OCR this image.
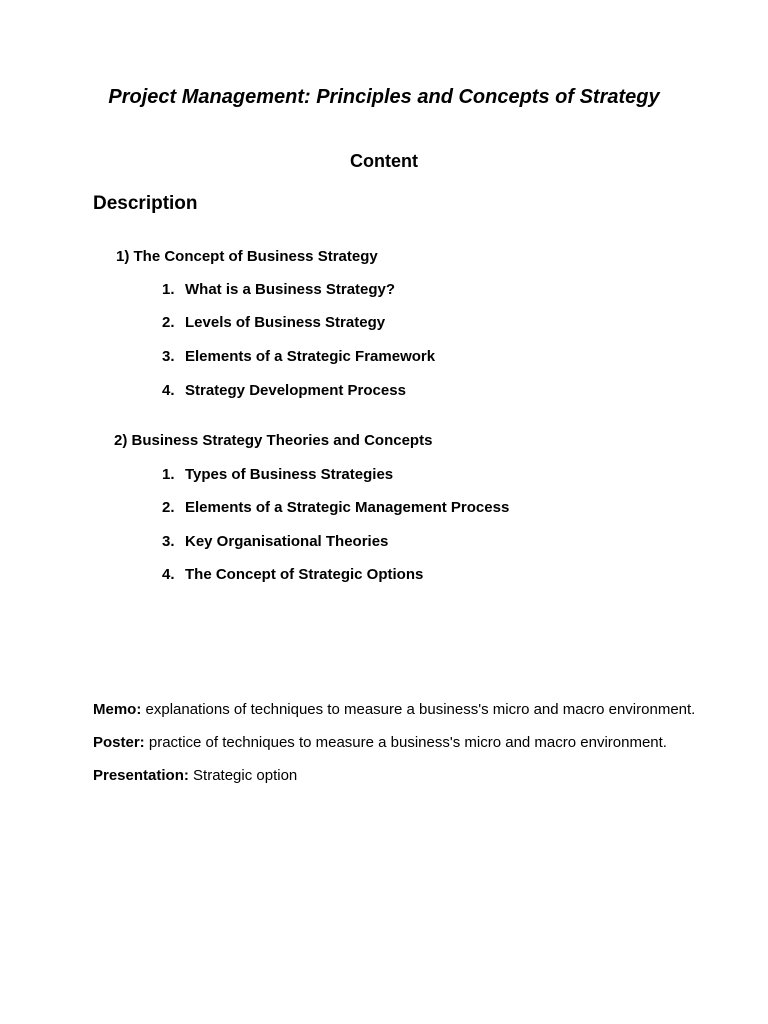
Project Management: Principles and Concepts of Strategy
Content
Description
1) The Concept of Business Strategy
1. What is a Business Strategy?
2. Levels of Business Strategy
3. Elements of a Strategic Framework
4. Strategy Development Process
2) Business Strategy Theories and Concepts
1. Types of Business Strategies
2. Elements of a Strategic Management Process
3. Key Organisational Theories
4. The Concept of Strategic Options
Memo: explanations of techniques to measure a business's micro and macro environment.
Poster: practice of techniques to measure a business's micro and macro environment.
Presentation: Strategic option
